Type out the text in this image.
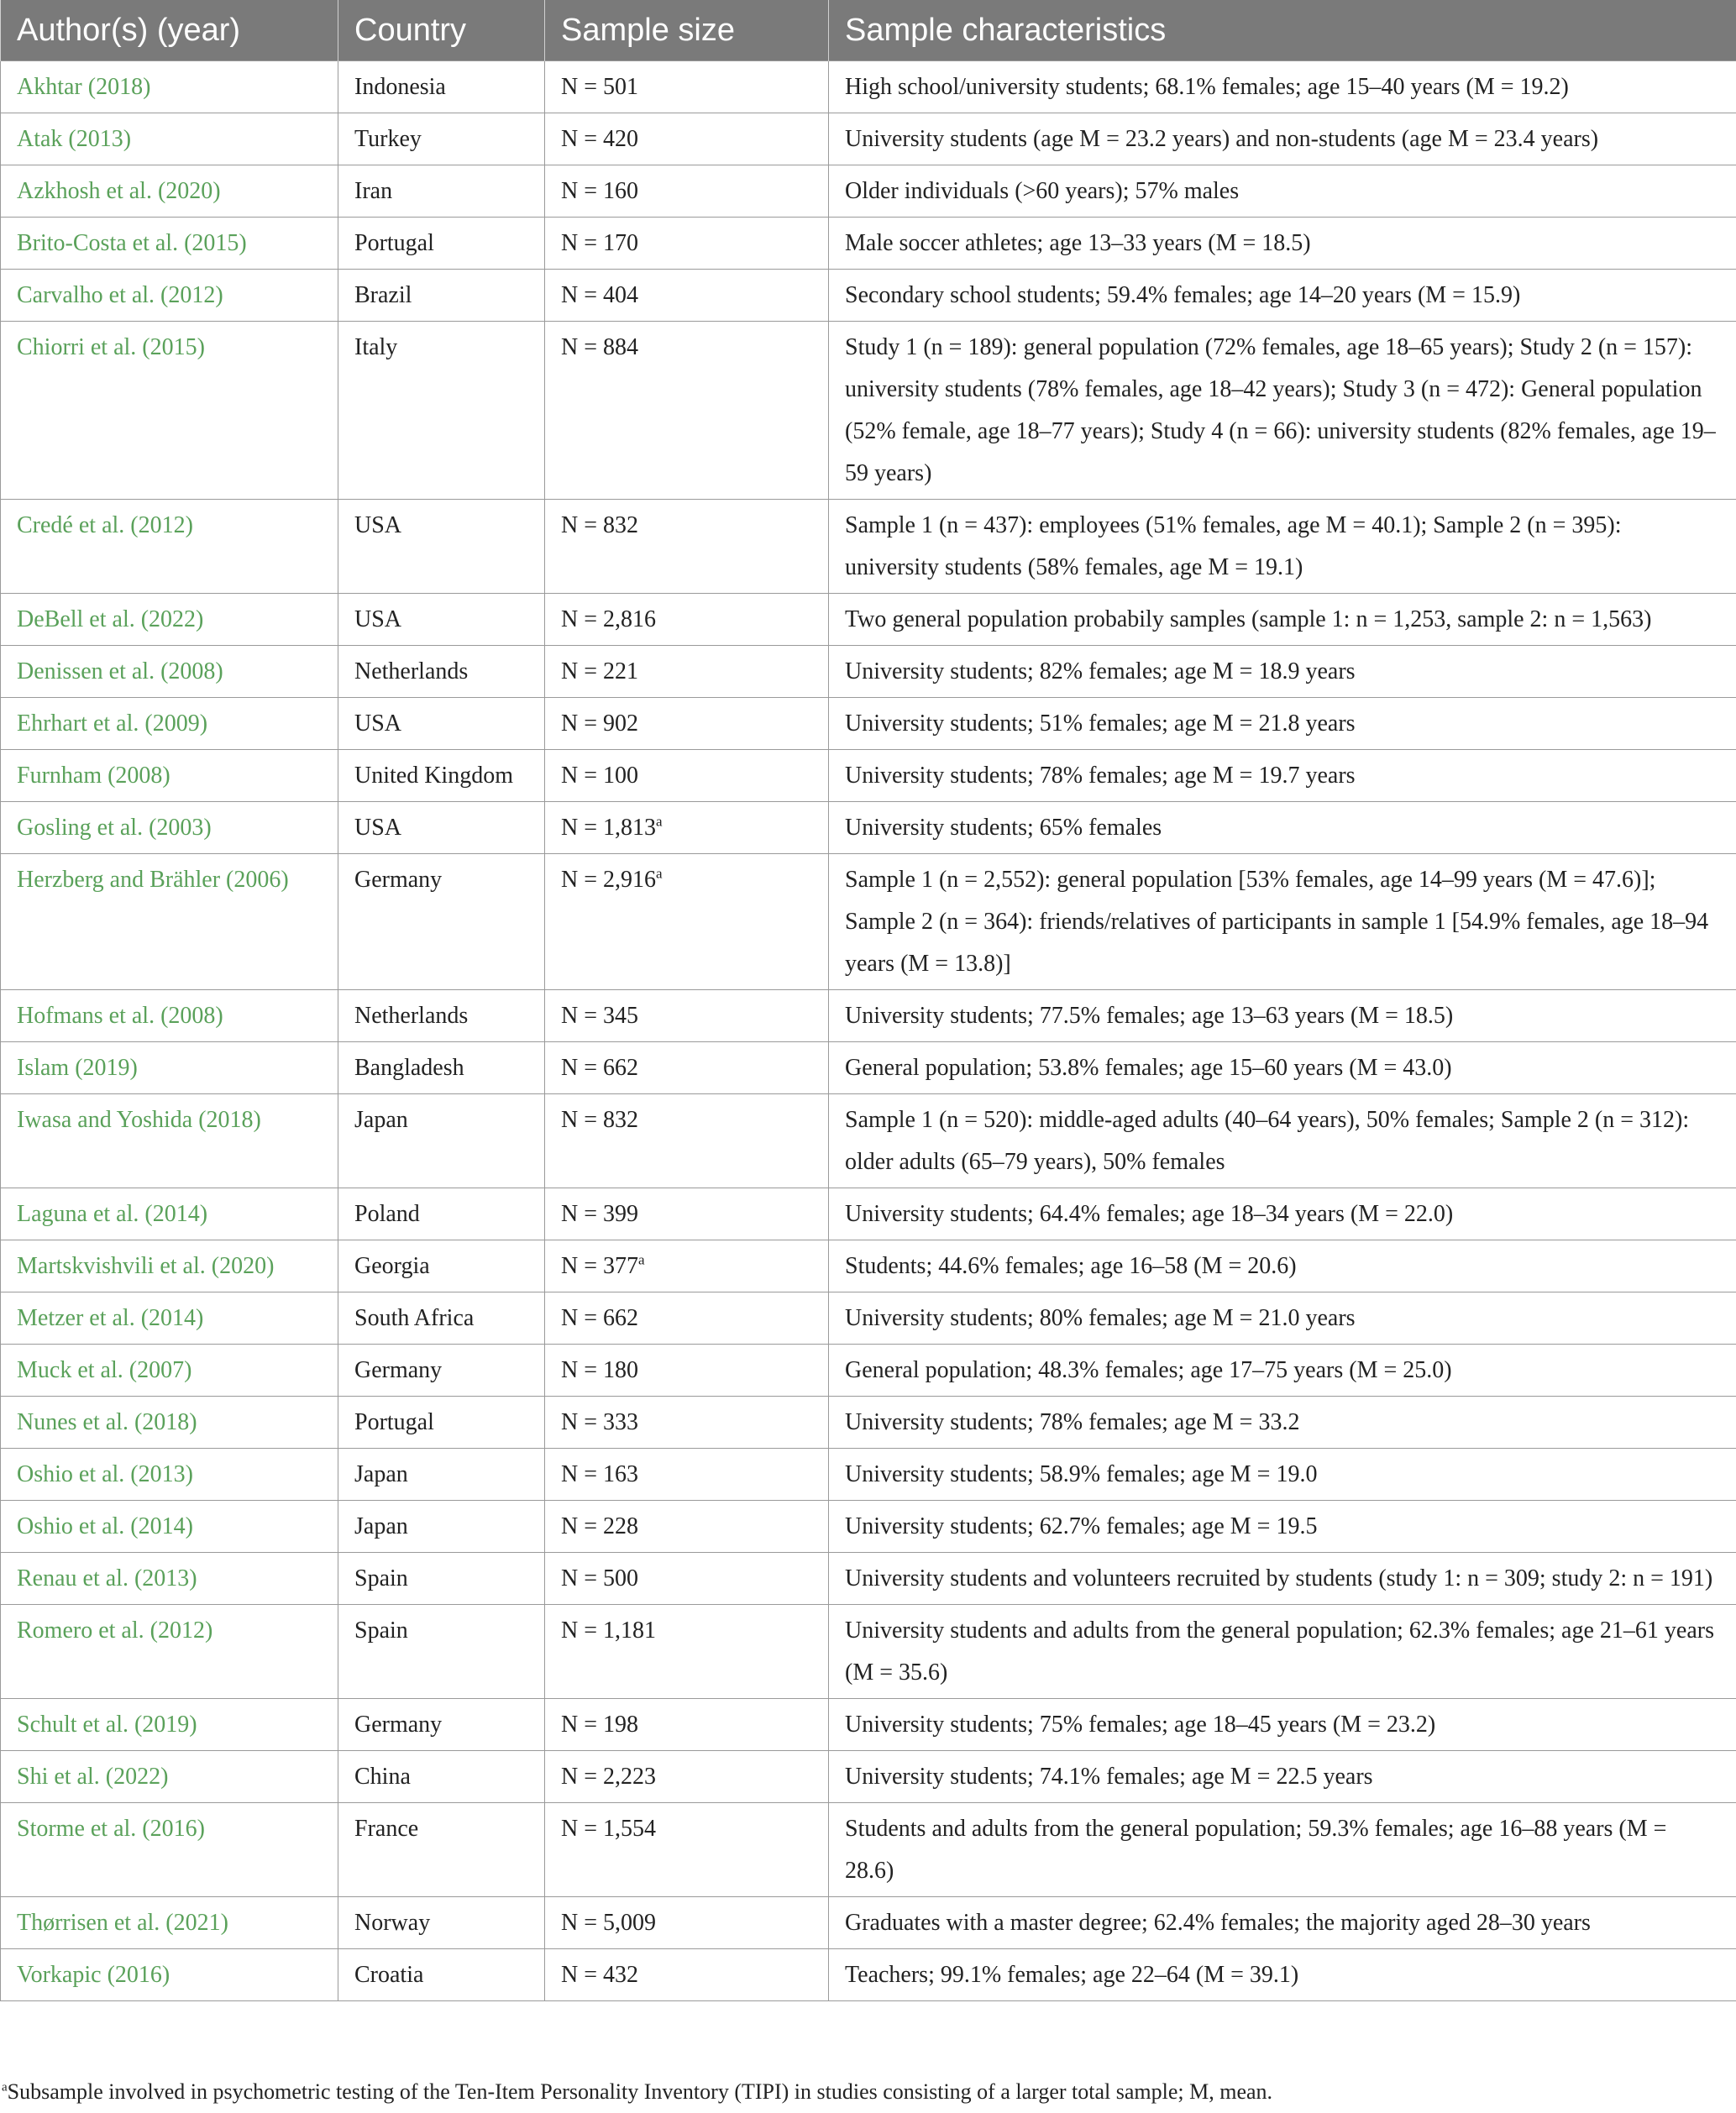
Author(s) (year)	Country	Sample size	Sample characteristics
Akhtar (2018)	Indonesia	N = 501	High school/university students; 68.1% females; age 15–40 years (M = 19.2)
Atak (2013)	Turkey	N = 420	University students (age M = 23.2 years) and non-students (age M = 23.4 years)
Azkhosh et al. (2020)	Iran	N = 160	Older individuals (>60 years); 57% males
Brito-Costa et al. (2015)	Portugal	N = 170	Male soccer athletes; age 13–33 years (M = 18.5)
Carvalho et al. (2012)	Brazil	N = 404	Secondary school students; 59.4% females; age 14–20 years (M = 15.9)
Chiorri et al. (2015)	Italy	N = 884	Study 1 (n = 189): general population (72% females, age 18–65 years); Study 2 (n = 157): university students (78% females, age 18–42 years); Study 3 (n = 472): General population (52% female, age 18–77 years); Study 4 (n = 66): university students (82% females, age 19–59 years)
Credé et al. (2012)	USA	N = 832	Sample 1 (n = 437): employees (51% females, age M = 40.1); Sample 2 (n = 395): university students (58% females, age M = 19.1)
DeBell et al. (2022)	USA	N = 2,816	Two general population probabily samples (sample 1: n = 1,253, sample 2: n = 1,563)
Denissen et al. (2008)	Netherlands	N = 221	University students; 82% females; age M = 18.9 years
Ehrhart et al. (2009)	USA	N = 902	University students; 51% females; age M = 21.8 years
Furnham (2008)	United Kingdom	N = 100	University students; 78% females; age M = 19.7 years
Gosling et al. (2003)	USA	N = 1,813$^a$	University students; 65% females
Herzberg and Brähler (2006)	Germany	N = 2,916$^a$	Sample 1 (n = 2,552): general population [53% females, age 14–99 years (M = 47.6)]; Sample 2 (n = 364): friends/relatives of participants in sample 1 [54.9% females, age 18–94 years (M = 13.8)]
Hofmans et al. (2008)	Netherlands	N = 345	University students; 77.5% females; age 13–63 years (M = 18.5)
Islam (2019)	Bangladesh	N = 662	General population; 53.8% females; age 15–60 years (M = 43.0)
Iwasa and Yoshida (2018)	Japan	N = 832	Sample 1 (n = 520): middle-aged adults (40–64 years), 50% females; Sample 2 (n = 312): older adults (65–79 years), 50% females
Laguna et al. (2014)	Poland	N = 399	University students; 64.4% females; age 18–34 years (M = 22.0)
Martskvishvili et al. (2020)	Georgia	$N = 377^a$	Students; 44.6% females; age 16–58 (M = 20.6)
Metzer et al. (2014)	South Africa	N = 662	University students; 80% females; age M = 21.0 years
Muck et al. (2007)	Germany	N = 180	General population; 48.3% females; age 17–75 years (M = 25.0)
Nunes et al. (2018)	Portugal	N = 333	University students; 78% females; age M = 33.2
Oshio et al. (2013)	Japan	N = 163	University students; 58.9% females; age M = 19.0
Oshio et al. (2014)	Japan	N = 228	University students; 62.7% females; age M = 19.5
Renau et al. (2013)	Spain	N = 500	University students and volunteers recruited by students (study 1: n = 309; study 2: n = 191)
Romero et al. (2012)	Spain	N = 1,181	University students and adults from the general population; 62.3% females; age 21–61 years (M = 35.6)
Schult et al. (2019)	Germany	N = 198	University students; 75% females; age 18–45 years (M = 23.2)
Shi et al. (2022)	China	N = 2,223	University students; 74.1% females; age M = 22.5 years
Storme et al. (2016)	France	N = 1,554	Students and adults from the general population; 59.3% females; age 16–88 years (M = 28.6)
Thørrisen et al. (2021)	Norway	N = 5,009	Graduates with a master degree; 62.4% females; the majority aged 28–30 years
Vorkapic (2016)	Croatia	N = 432	Teachers; 99.1% females; age 22–64 (M = 39.1)
$^a$Subsample involved in psychometric testing of the Ten-Item Personality Inventory (TIPI) in studies consisting of a larger total sample; M, mean.
